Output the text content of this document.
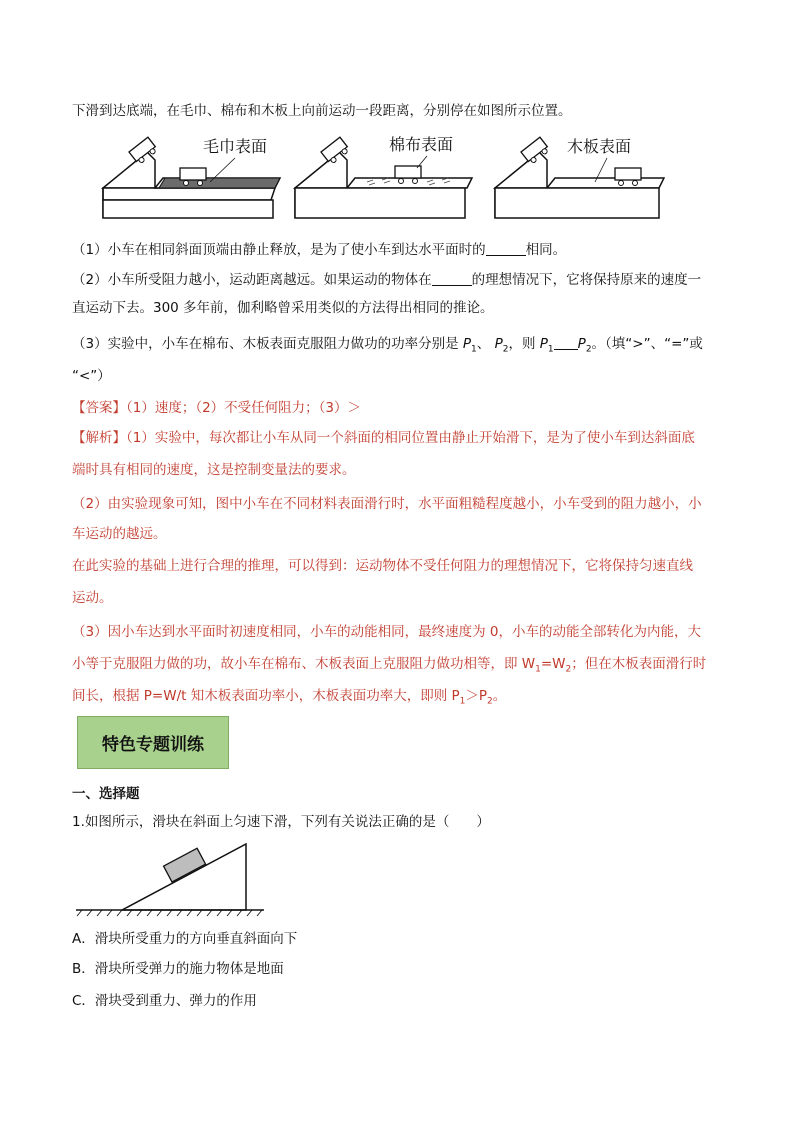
下滑到达底端，在毛巾、棉布和木板上向前运动一段距离，分别停在如图所示位置。
毛巾表面	棉布表面	木板表面
（1）小车在相同斜面顶端由静止释放，是为了使小车到达水平面时的	相同。
（2）小车所受阻力越小，运动距离越远。如果运动的物体在	的理想情况下，它将保持原来的速度一
直运动下去。300 多年前，伽利略曾采用类似的方法得出相同的推论。
（3）实验中，小车在棉布、木板表面克服阻力做功的功率分别是 $P_1$、 $P_2$，则 $P_1$ $P_2$。（填“>”、“=”或
“<”）
【答案】（1）速度；（2）不受任何阻力；（3）＞
【解析】（1）实验中，每次都让小车从同一个斜面的相同位置由静止开始滑下，是为了使小车到达斜面底
端时具有相同的速度，这是控制变量法的要求。
（2）由实验现象可知，图中小车在不同材料表面滑行时，水平面粗糙程度越小，小车受到的阻力越小，小
车运动的越远。
在此实验的基础上进行合理的推理，可以得到：运动物体不受任何阻力的理想情况下，它将保持匀速直线
运动。
（3）因小车达到水平面时初速度相同，小车的动能相同，最终速度为 0，小车的动能全部转化为内能，大
小等于克服阻力做的功，故小车在棉布、木板表面上克服阻力做功相等，即 $W_1=W_2$；但在木板表面滑行时
间长，根据 P=W/t 知木板表面功率小，木板表面功率大，即则 $P_1>P_2$。
特色专题训练
一、选择题
1.如图所示，滑块在斜面上匀速下滑，下列有关说法正确的是（　　）
A．滑块所受重力的方向垂直斜面向下
B．滑块所受弹力的施力物体是地面
C．滑块受到重力、弹力的作用
